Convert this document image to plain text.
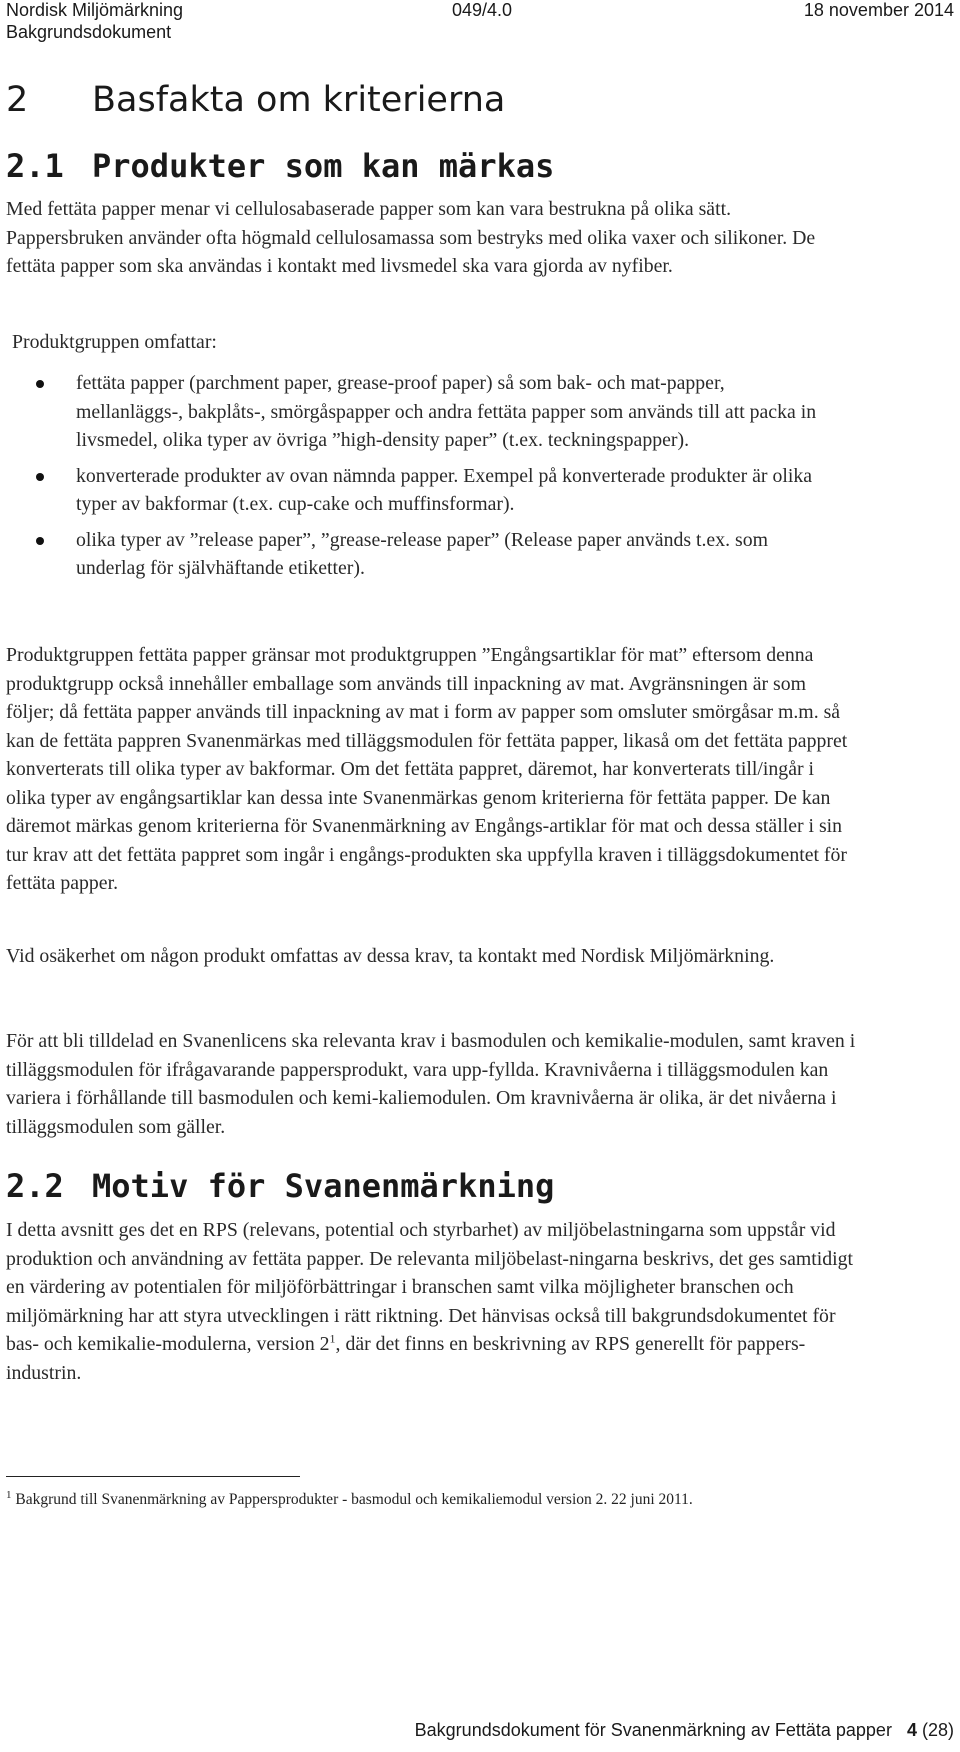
Nordisk Miljömärkning
Bakgrundsdokument
049/4.0	18 november 2014
2 Basfakta om kriterierna
2.1 Produkter som kan märkas

Med fettäta papper menar vi cellulosabaserade papper som kan vara bestrukna på olika sätt. Pappersbruken använder ofta högmald cellulosamassa som bestryks med olika vaxer och silikoner. De fettäta papper som ska användas i kontakt med livsmedel ska vara gjorda av nyfiber.

Produktgruppen omfattar:

fettäta papper (parchment paper, grease-proof paper) så som bak- och mat-papper, mellanläggs-, bakplåts-, smörgåspapper och andra fettäta papper som används till att packa in livsmedel, olika typer av övriga ”high-density paper” (t.ex. teckningspapper).
konverterade produkter av ovan nämnda papper. Exempel på konverterade produkter är olika typer av bakformar (t.ex. cup-cake och muffinsformar).
olika typer av ”release paper”, ”grease-release paper” (Release paper används t.ex. som underlag för självhäftande etiketter).

Produktgruppen fettäta papper gränsar mot produktgruppen ”Engångsartiklar för mat” eftersom denna produktgrupp också innehåller emballage som används till inpackning av mat. Avgränsningen är som följer; då fettäta papper används till inpackning av mat i form av papper som omsluter smörgåsar m.m. så kan de fettäta pappren Svanenmärkas med tilläggsmodulen för fettäta papper, likaså om det fettäta pappret konverterats till olika typer av bakformar. Om det fettäta pappret, däremot, har konverterats till/ingår i olika typer av engångsartiklar kan dessa inte Svanenmärkas genom kriterierna för fettäta papper. De kan däremot märkas genom kriterierna för Svanenmärkning av Engångs-artiklar för mat och dessa ställer i sin tur krav att det fettäta pappret som ingår i engångs-produkten ska uppfylla kraven i tilläggsdokumentet för fettäta papper.

Vid osäkerhet om någon produkt omfattas av dessa krav, ta kontakt med Nordisk Miljömärkning.

För att bli tilldelad en Svanenlicens ska relevanta krav i basmodulen och kemikalie-modulen, samt kraven i tilläggsmodulen för ifrågavarande pappersprodukt, vara upp-fyllda. Kravnivåerna i tilläggsmodulen kan variera i förhållande till basmodulen och kemi-kaliemodulen. Om kravnivåerna är olika, är det nivåerna i tilläggsmodulen som gäller.

2.2 Motiv för Svanenmärkning

I detta avsnitt ges det en RPS (relevans, potential och styrbarhet) av miljöbelastningarna som uppstår vid produktion och användning av fettäta papper. De relevanta miljöbelast-ningarna beskrivs, det ges samtidigt en värdering av potentialen för miljöförbättringar i branschen samt vilka möjligheter branschen och miljömärkning har att styra utvecklingen i rätt riktning. Det hänvisas också till bakgrundsdokumentet för bas- och kemikalie-modulerna, version $2^1$, där det finns en beskrivning av RPS generellt för pappers-industrin.

$^1$ Bakgrund till Svanenmärkning av Pappersprodukter - basmodul och kemikaliemodul version 2. 22 juni 2011.
Bakgrundsdokument för Svanenmärkning av Fettäta papper 4 (28)
